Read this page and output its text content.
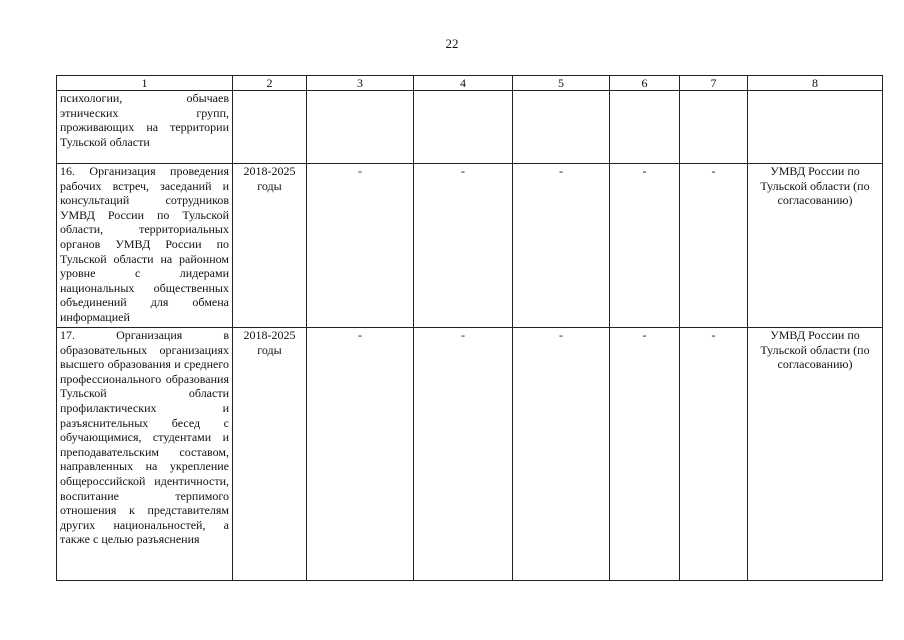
22
1	2	3	4	5	6	7	8
психологии, обычаев этнических групп, проживающих на территории Тульской области							
16. Организация проведения рабочих встреч, заседаний и консультаций сотрудников УМВД России по Тульской области, территориальных органов УМВД России по Тульской области на районном уровне с лидерами национальных общественных объединений для обмена информацией	2018-2025 годы	-	-	-	-	-	УМВД России по Тульской области (по согласованию)
17. Организация в образовательных организациях высшего образования и среднего профессионального образования Тульской области профилактических и разъяснительных бесед с обучающимися, студентами и преподавательским составом, направленных на укрепление общероссийской идентичности, воспитание терпимого отношения к представителям других национальностей, а также с целью разъяснения	2018-2025 годы	-	-	-	-	-	УМВД России по Тульской области (по согласованию)
